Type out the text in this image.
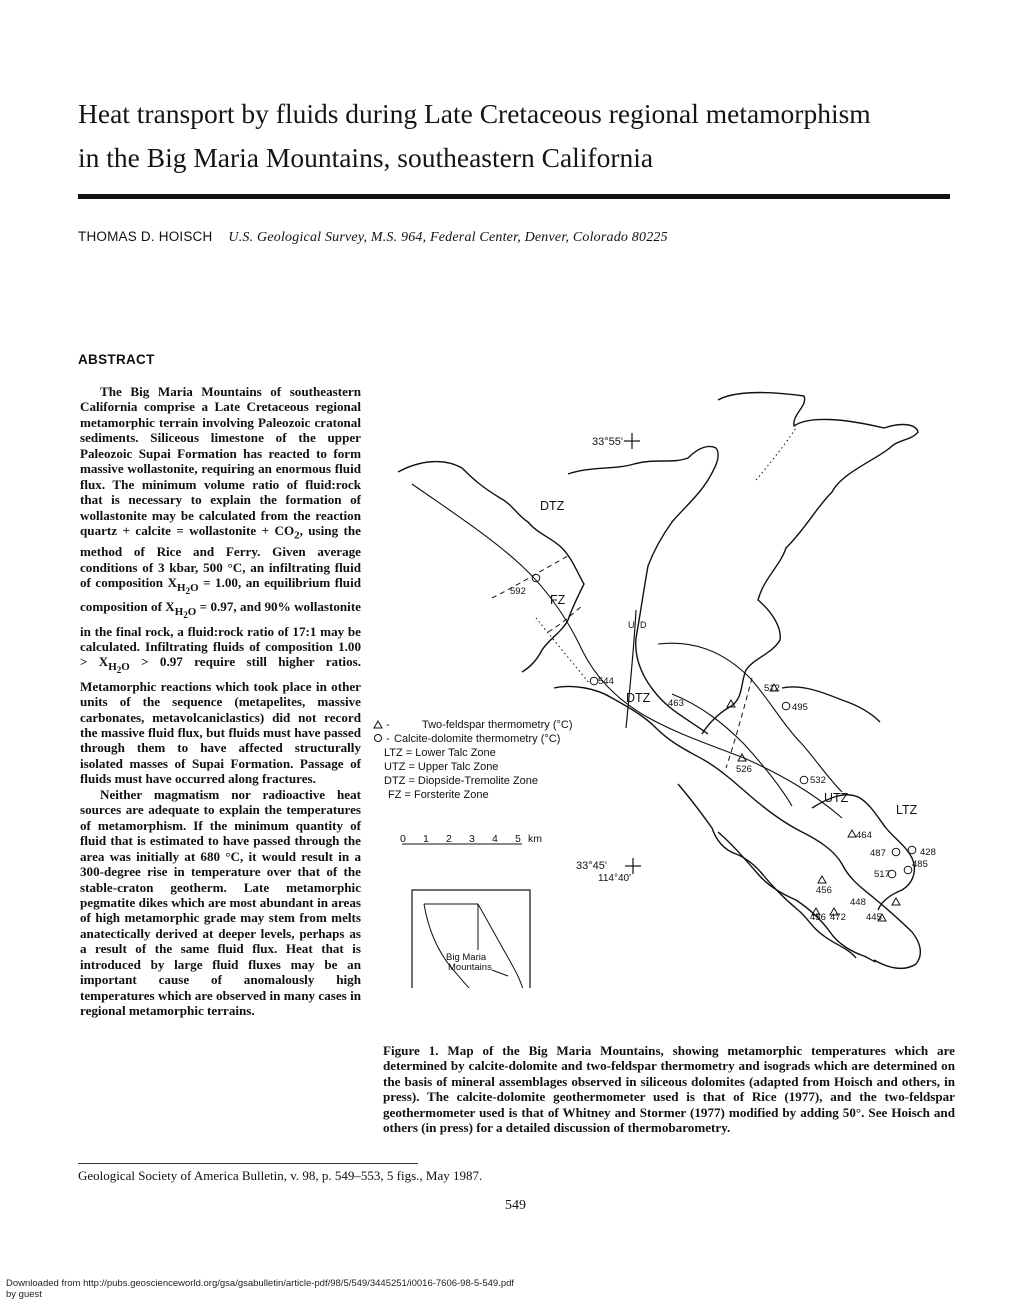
Heat transport by fluids during Late Cretaceous regional metamorphism
in the Big Maria Mountains, southeastern California
THOMAS D. HOISCH U.S. Geological Survey, M.S. 964, Federal Center, Denver, Colorado 80225
ABSTRACT

The Big Maria Mountains of southeastern California comprise a Late Cretaceous regional metamorphic terrain involving Paleozoic cratonal sediments. Siliceous limestone of the upper Paleozoic Supai Formation has reacted to form massive wollastonite, requiring an enormous fluid flux. The minimum volume ratio of fluid:rock that is necessary to explain the formation of wollastonite may be calculated from the reaction quartz + calcite = wollastonite + $CO_2$, using the method of Rice and Ferry. Given average conditions of 3 kbar, 500 °C, an infiltrating fluid of composition $X_{H_2O} = 1.00$, an equilibrium fluid composition of $X_{H_2O} = 0.97$, and 90% wollastonite in the final rock, a fluid:rock ratio of 17:1 may be calculated. Infiltrating fluids of composition $1.00 > X_{H_2O} > 0.97$ require still higher ratios. Metamorphic reactions which took place in other units of the sequence (metapelites, massive carbonates, metavolcaniclastics) did not record the massive fluid flux, but fluids must have passed through them to have affected structurally isolated masses of Supai Formation. Passage of fluids must have occurred along fractures.

Neither magmatism nor radioactive heat sources are adequate to explain the temperatures of metamorphism. If the minimum quantity of fluid that is estimated to have passed through the area was initially at 680 °C, it would result in a 300-degree rise in temperature over that of the stable-craton geotherm. Late metamorphic pegmatite dikes which are most abundant in areas of high metamorphic grade may stem from melts anatectically derived at deeper levels, perhaps as a result of the same fluid flux. Heat that is introduced by large fluid fluxes may be an important cause of anomalously high temperatures which are observed in many cases in regional metamorphic terrains.

33°55'
33°45'
114°40'
DTZ
FZ
DTZ
UTZ
LTZ
U D
592
544
463
512
495
526
532
464
487	428
517
485
456
448
456 472 445
-	Two-feldspar thermometry (°C)
- Calcite-dolomite thermometry (°C)
LTZ = Lower Talc Zone
UTZ = Upper Talc Zone
DTZ = Diopside-Tremolite Zone
FZ = Forsterite Zone
0 1 2 3 4 5 km
Big Maria
Mountains
Figure 1. Map of the Big Maria Mountains, showing metamorphic temperatures which are determined by calcite-dolomite and two-feldspar thermometry and isograds which are determined on the basis of mineral assemblages observed in siliceous dolomites (adapted from Hoisch and others, in press). The calcite-dolomite geothermometer used is that of Rice (1977), and the two-feldspar geothermometer used is that of Whitney and Stormer (1977) modified by adding 50°. See Hoisch and others (in press) for a detailed discussion of thermobarometry.
Geological Society of America Bulletin, v. 98, p. 549–553, 5 figs., May 1987.
549
Downloaded from http://pubs.geoscienceworld.org/gsa/gsabulletin/article-pdf/98/5/549/3445251/i0016-7606-98-5-549.pdf
by guest
